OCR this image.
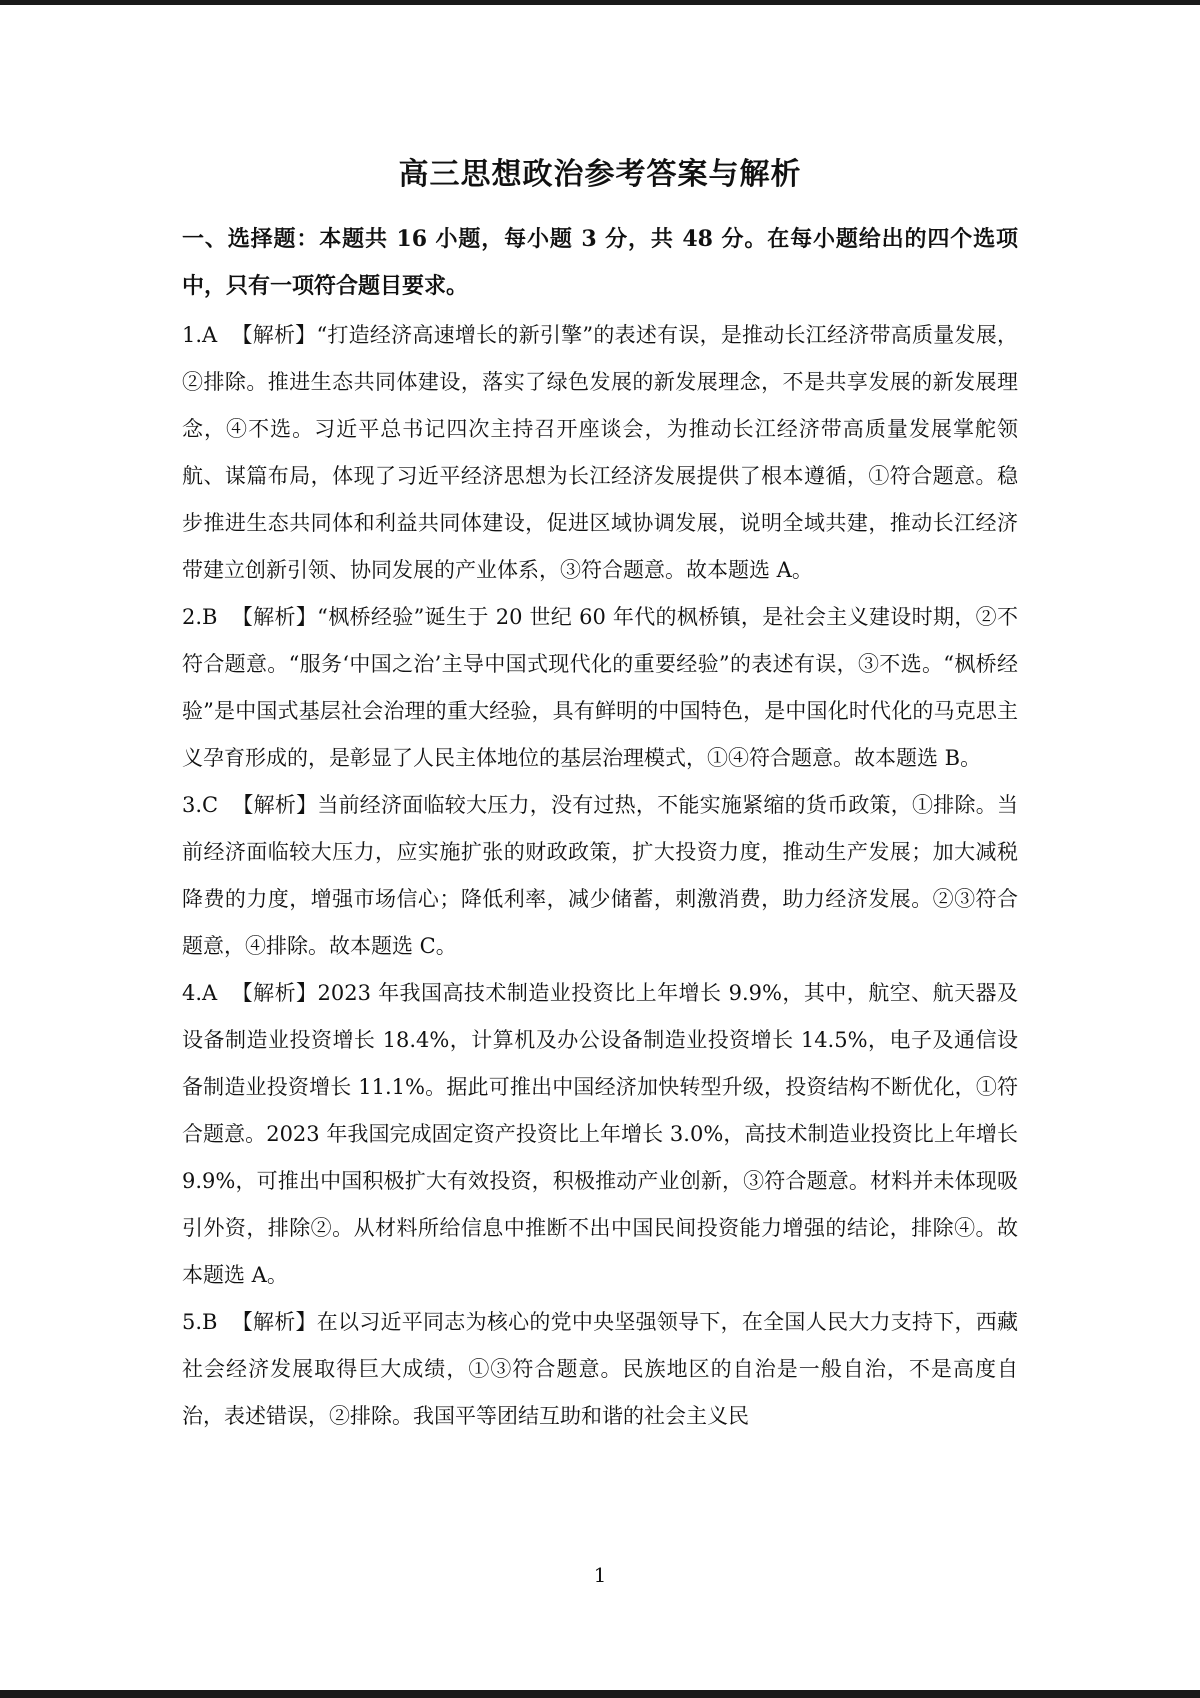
高三思想政治参考答案与解析

一、选择题：本题共 16 小题，每小题 3 分，共 48 分。在每小题给出的四个选项中，只有一项符合题目要求。

1.A 【解析】“打造经济高速增长的新引擎”的表述有误，是推动长江经济带高质量发展，②排除。推进生态共同体建设，落实了绿色发展的新发展理念，不是共享发展的新发展理念，④不选。习近平总书记四次主持召开座谈会，为推动长江经济带高质量发展掌舵领航、谋篇布局，体现了习近平经济思想为长江经济发展提供了根本遵循，①符合题意。稳步推进生态共同体和利益共同体建设，促进区域协调发展，说明全域共建，推动长江经济带建立创新引领、协同发展的产业体系，③符合题意。故本题选 A。

2.B 【解析】“枫桥经验”诞生于 20 世纪 60 年代的枫桥镇，是社会主义建设时期，②不符合题意。“服务‘中国之治’主导中国式现代化的重要经验”的表述有误，③不选。“枫桥经验”是中国式基层社会治理的重大经验，具有鲜明的中国特色，是中国化时代化的马克思主义孕育形成的，是彰显了人民主体地位的基层治理模式，①④符合题意。故本题选 B。

3.C 【解析】当前经济面临较大压力，没有过热，不能实施紧缩的货币政策，①排除。当前经济面临较大压力，应实施扩张的财政政策，扩大投资力度，推动生产发展；加大减税降费的力度，增强市场信心；降低利率，减少储蓄，刺激消费，助力经济发展。②③符合题意，④排除。故本题选 C。

4.A 【解析】2023 年我国高技术制造业投资比上年增长 9.9%，其中，航空、航天器及设备制造业投资增长 18.4%，计算机及办公设备制造业投资增长 14.5%，电子及通信设备制造业投资增长 11.1%。据此可推出中国经济加快转型升级，投资结构不断优化，①符合题意。2023 年我国完成固定资产投资比上年增长 3.0%，高技术制造业投资比上年增长 9.9%，可推出中国积极扩大有效投资，积极推动产业创新，③符合题意。材料并未体现吸引外资，排除②。从材料所给信息中推断不出中国民间投资能力增强的结论，排除④。故本题选 A。

5.B 【解析】在以习近平同志为核心的党中央坚强领导下，在全国人民大力支持下，西藏社会经济发展取得巨大成绩，①③符合题意。民族地区的自治是一般自治，不是高度自治，表述错误，②排除。我国平等团结互助和谐的社会主义民

1
